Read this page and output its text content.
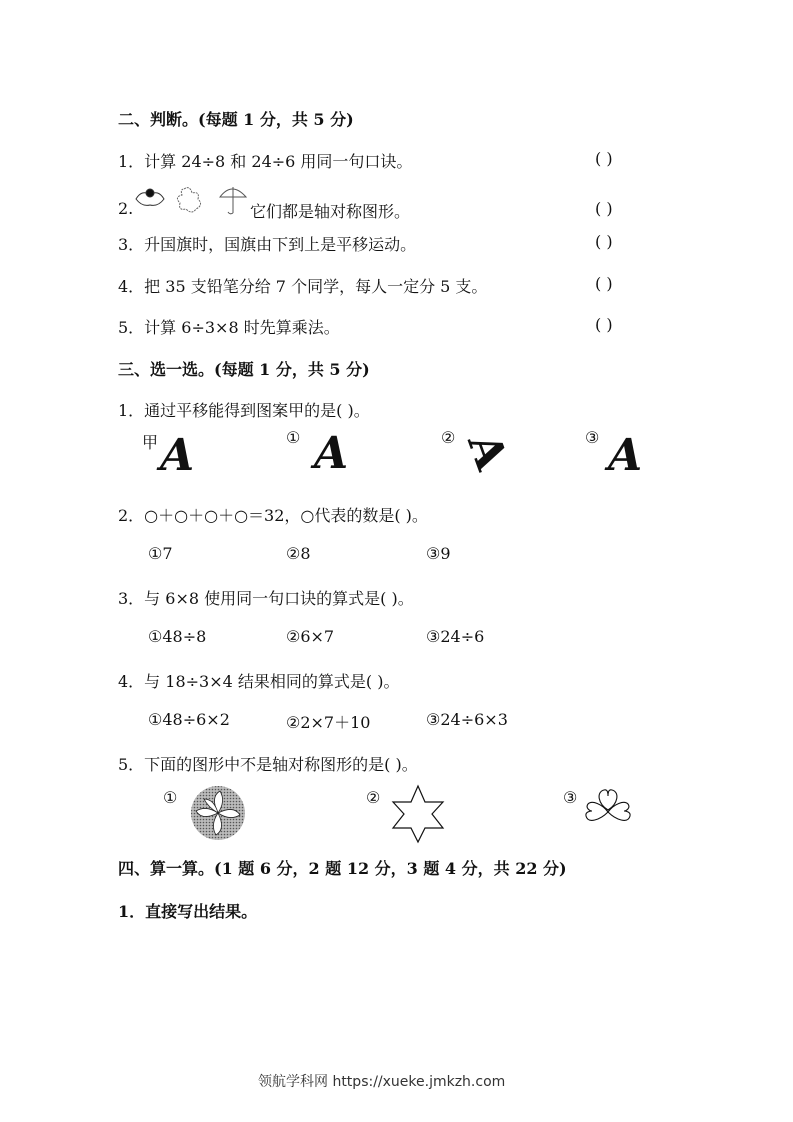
二、判断。(每题 1 分，共 5 分)
1．计算 24÷8 和 24÷6 用同一句口诀。	( )
2.	它们都是轴对称图形。	( )
3．升国旗时，国旗由下到上是平移运动。	( )
4．把 35 支铅笔分给 7 个同学，每人一定分 5 支。	( )
5．计算 6÷3×8 时先算乘法。	( )
三、选一选。(每题 1 分，共 5 分)
1．通过平移能得到图案甲的是( )。
甲
A	① A	② A	③ A
2．○＋○＋○＋○＝32，○代表的数是( )。
①7	②8	③9
3．与 6×8 使用同一句口诀的算式是( )。
①48÷8	②6×7	③24÷6
4．与 18÷3×4 结果相同的算式是( )。
①48÷6×2	②2×7＋10	③24÷6×3
5．下面的图形中不是轴对称图形的是( )。
①	②	③
四、算一算。(1 题 6 分，2 题 12 分，3 题 4 分，共 22 分)
1．直接写出结果。
领航学科网 https://xueke.jmkzh.com
